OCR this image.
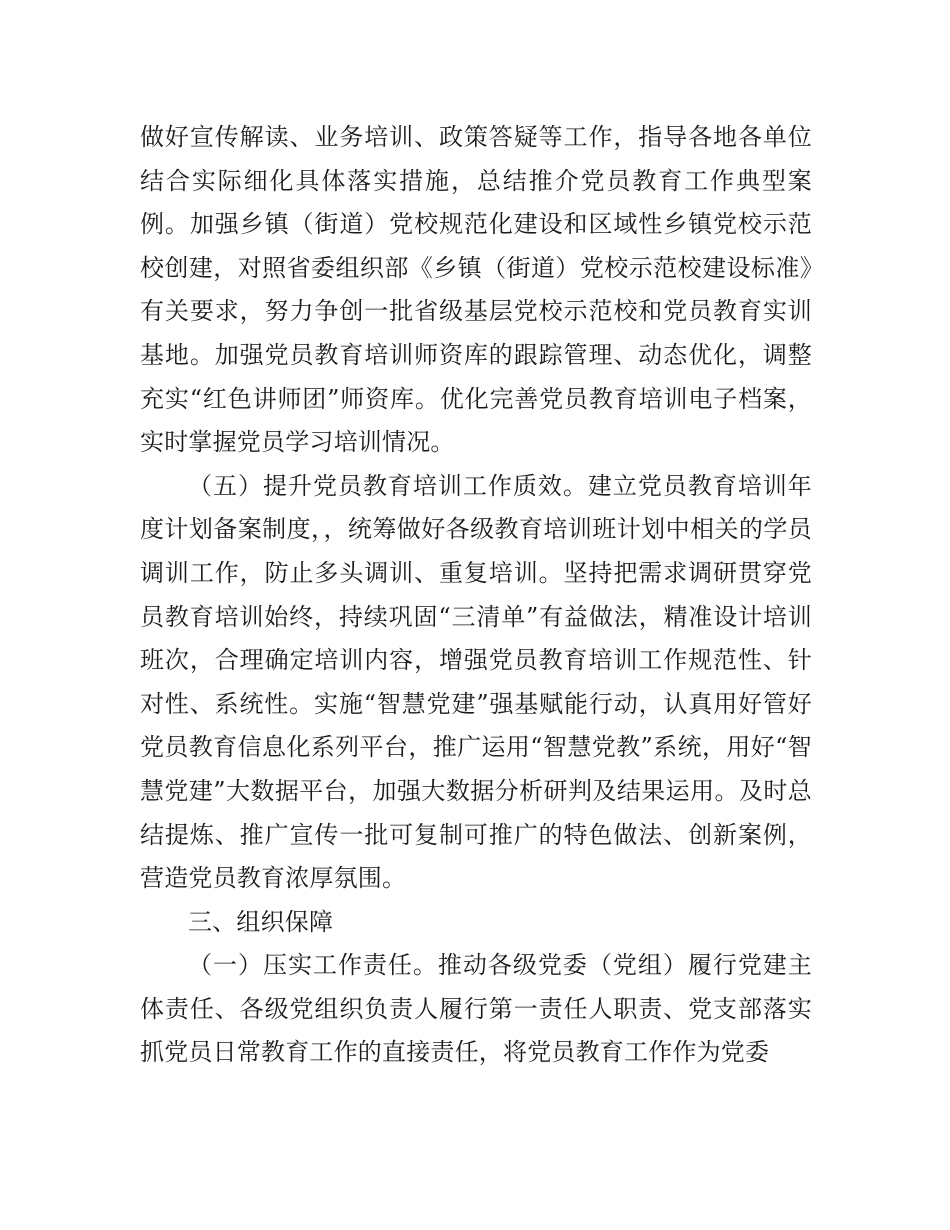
做好宣传解读、业务培训、政策答疑等工作，指导各地各单位结合实际细化具体落实措施，总结推介党员教育工作典型案例。加强乡镇（街道）党校规范化建设和区域性乡镇党校示范校创建，对照省委组织部《乡镇（街道）党校示范校建设标准》有关要求，努力争创一批省级基层党校示范校和党员教育实训基地。加强党员教育培训师资库的跟踪管理、动态优化，调整充实“红色讲师团”师资库。优化完善党员教育培训电子档案，实时掌握党员学习培训情况。

（五）提升党员教育培训工作质效。建立党员教育培训年度计划备案制度，，统筹做好各级教育培训班计划中相关的学员调训工作，防止多头调训、重复培训。坚持把需求调研贯穿党员教育培训始终，持续巩固“三清单”有益做法，精准设计培训班次，合理确定培训内容，增强党员教育培训工作规范性、针对性、系统性。实施“智慧党建”强基赋能行动，认真用好管好党员教育信息化系列平台，推广运用“智慧党教”系统，用好“智慧党建”大数据平台，加强大数据分析研判及结果运用。及时总结提炼、推广宣传一批可复制可推广的特色做法、创新案例，营造党员教育浓厚氛围。

三、组织保障

（一）压实工作责任。推动各级党委（党组）履行党建主体责任、各级党组织负责人履行第一责任人职责、党支部落实抓党员日常教育工作的直接责任，将党员教育工作作为党委
